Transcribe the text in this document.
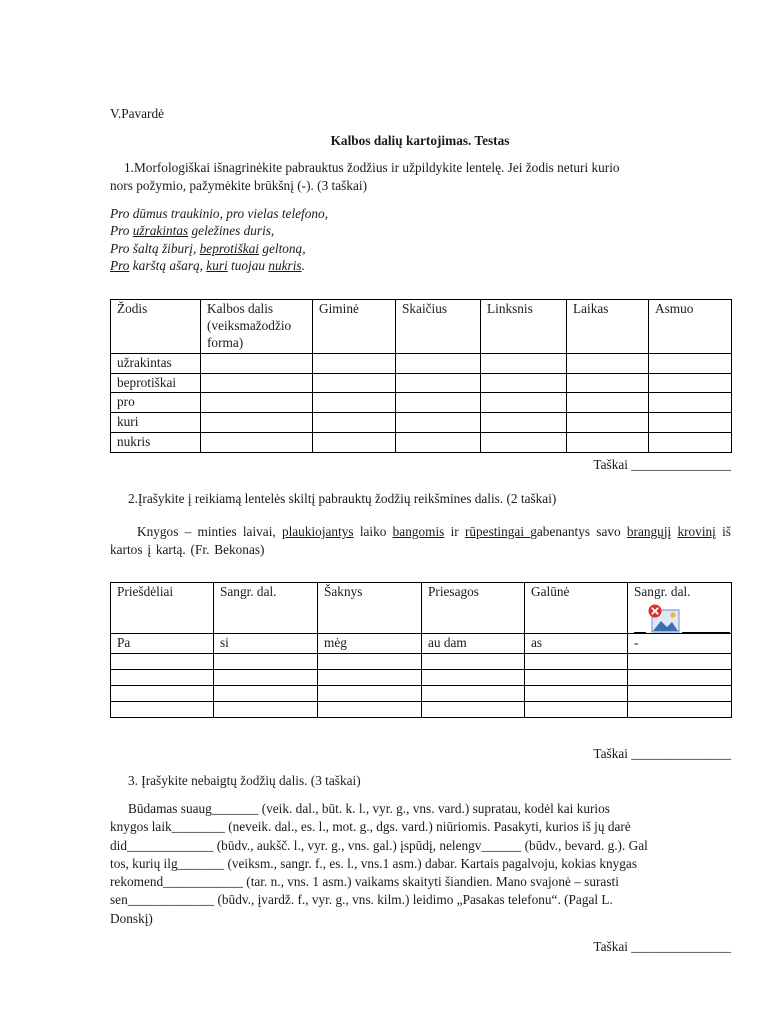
V.Pavardė
Kalbos dalių kartojimas. Testas
1.Morfologiškai išnagrinėkite pabrauktus žodžius ir užpildykite lentelę. Jei žodis neturi kurio
nors požymio, pažymėkite brūkšnį (-). (3 taškai)
Pro dūmus traukinio, pro vielas telefono,
Pro užrakintas geležines duris,
Pro šaltą žiburį, beprotiškai geltoną,
Pro karštą ašarą, kuri tuojau nukris.
Žodis	Kalbos dalis (veiksmažodžio forma)	Giminė	Skaičius	Linksnis	Laikas	Asmuo
užrakintas						
beprotiškai						
pro						
kuri						
nukris						
Taškai _______________
2.Įrašykite į reikiamą lentelės skiltį pabrauktų žodžių reikšmines dalis. (2 taškai)
Knygos – minties laivai, plaukiojantys laiko bangomis ir rūpestingai gabenantys savo brangųjį krovinį iš kartos į kartą. (Fr. Bekonas)
Priešdėliai	Sangr. dal.	Šaknys	Priesagos	Galūnė	Sangr. dal.
Pa	si	mėg	au dam	as	-

Taškai _______________
3. Įrašykite nebaigtų žodžių dalis. (3 taškai)
Būdamas suaug_______ (veik. dal., būt. k. l., vyr. g., vns. vard.) supratau, kodėl kai kurios
knygos laik________ (neveik. dal., es. l., mot. g., dgs. vard.) niūriomis. Pasakyti, kurios iš jų darė
did_____________ (būdv., aukšč. l., vyr. g., vns. gal.) įspūdį, nelengv______ (būdv., bevard. g.). Gal
tos, kurių ilg_______ (veiksm., sangr. f., es. l., vns.1 asm.) dabar. Kartais pagalvoju, kokias knygas
rekomend____________ (tar. n., vns. 1 asm.) vaikams skaityti šiandien. Mano svajonė – surasti
sen_____________ (būdv., įvardž. f., vyr. g., vns. kilm.) leidimo „Pasakas telefonu“. (Pagal L.
Donskį)
Taškai _______________
